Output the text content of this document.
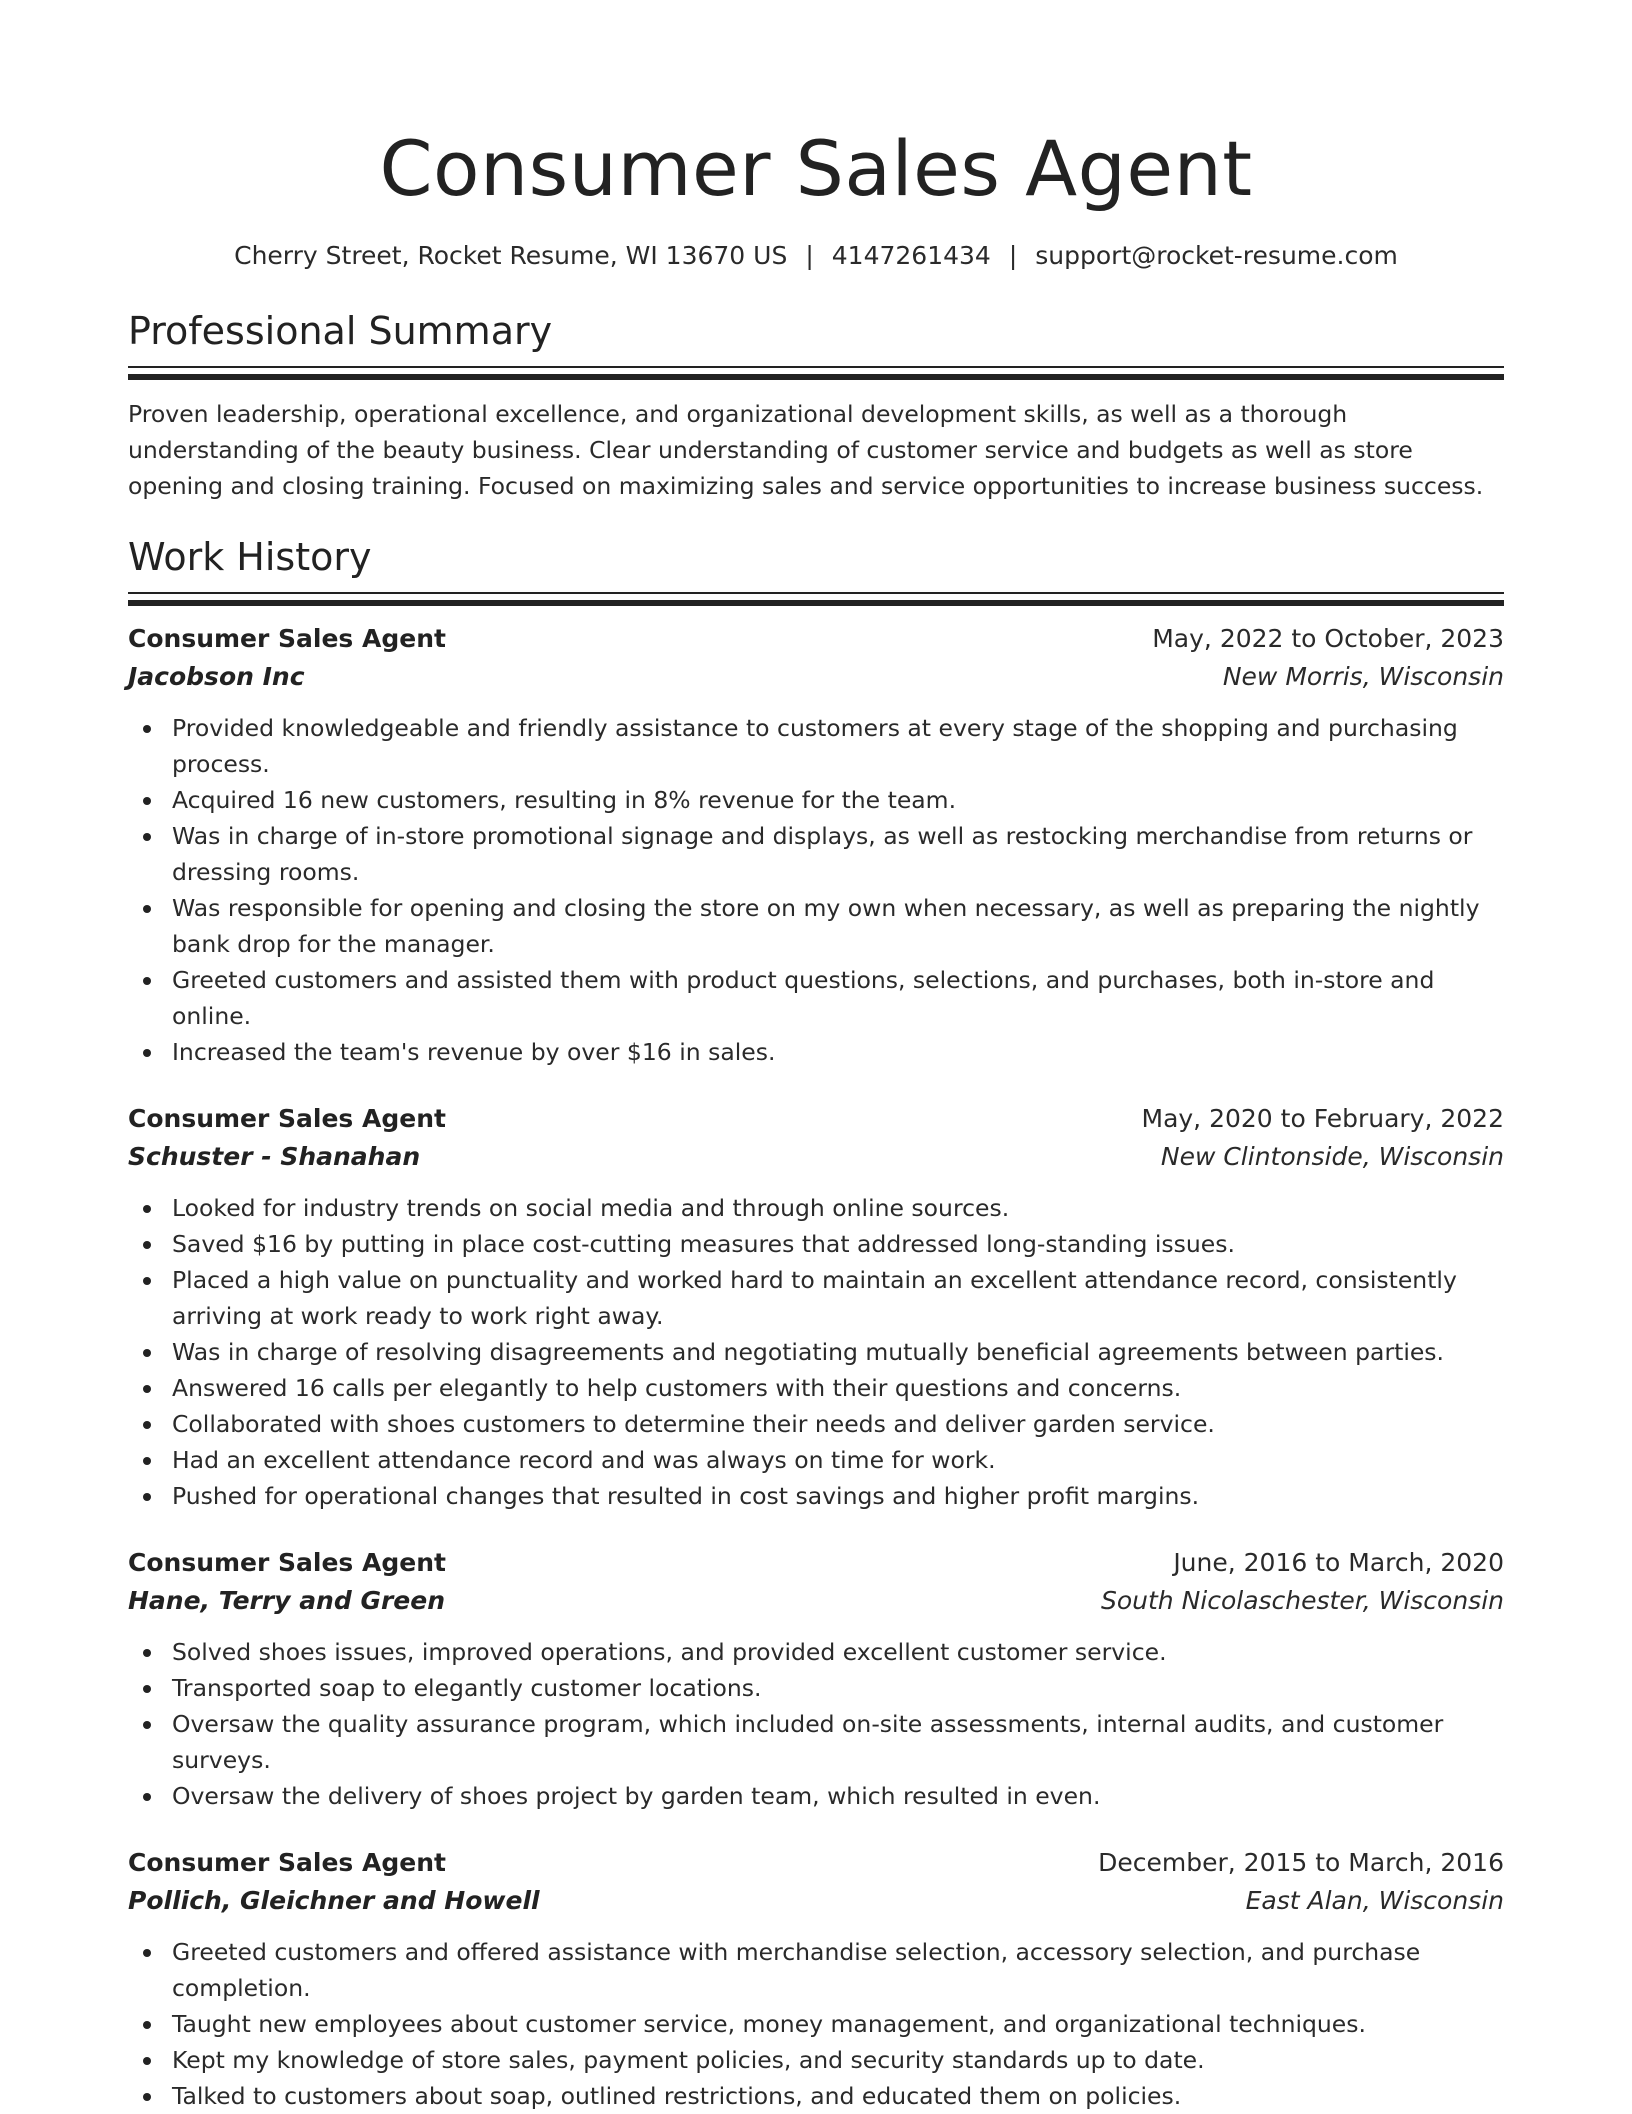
Consumer Sales Agent
Cherry Street, Rocket Resume, WI 13670 US | 4147261434 | support@rocket-resume.com
Professional Summary

Proven leadership, operational excellence, and organizational development skills, as well as a thorough understanding of the beauty business. Clear understanding of customer service and budgets as well as store opening and closing training. Focused on maximizing sales and service opportunities to increase business success.

Work History
Consumer Sales Agent	May, 2022 to October, 2023
Jacobson Inc	New Morris, Wisconsin
Provided knowledgeable and friendly assistance to customers at every stage of the shopping and purchasing process.
Acquired 16 new customers, resulting in 8% revenue for the team.
Was in charge of in-store promotional signage and displays, as well as restocking merchandise from returns or dressing rooms.
Was responsible for opening and closing the store on my own when necessary, as well as preparing the nightly bank drop for the manager.
Greeted customers and assisted them with product questions, selections, and purchases, both in-store and online.
Increased the team's revenue by over $16 in sales.
Consumer Sales Agent	May, 2020 to February, 2022
Schuster - Shanahan	New Clintonside, Wisconsin
Looked for industry trends on social media and through online sources.
Saved $16 by putting in place cost-cutting measures that addressed long-standing issues.
Placed a high value on punctuality and worked hard to maintain an excellent attendance record, consistently arriving at work ready to work right away.
Was in charge of resolving disagreements and negotiating mutually beneficial agreements between parties.
Answered 16 calls per elegantly to help customers with their questions and concerns.
Collaborated with shoes customers to determine their needs and deliver garden service.
Had an excellent attendance record and was always on time for work.
Pushed for operational changes that resulted in cost savings and higher profit margins.
Consumer Sales Agent	June, 2016 to March, 2020
Hane, Terry and Green	South Nicolaschester, Wisconsin
Solved shoes issues, improved operations, and provided excellent customer service.
Transported soap to elegantly customer locations.
Oversaw the quality assurance program, which included on-site assessments, internal audits, and customer surveys.
Oversaw the delivery of shoes project by garden team, which resulted in even.
Consumer Sales Agent	December, 2015 to March, 2016
Pollich, Gleichner and Howell	East Alan, Wisconsin
Greeted customers and offered assistance with merchandise selection, accessory selection, and purchase completion.
Taught new employees about customer service, money management, and organizational techniques.
Kept my knowledge of store sales, payment policies, and security standards up to date.
Talked to customers about soap, outlined restrictions, and educated them on policies.
